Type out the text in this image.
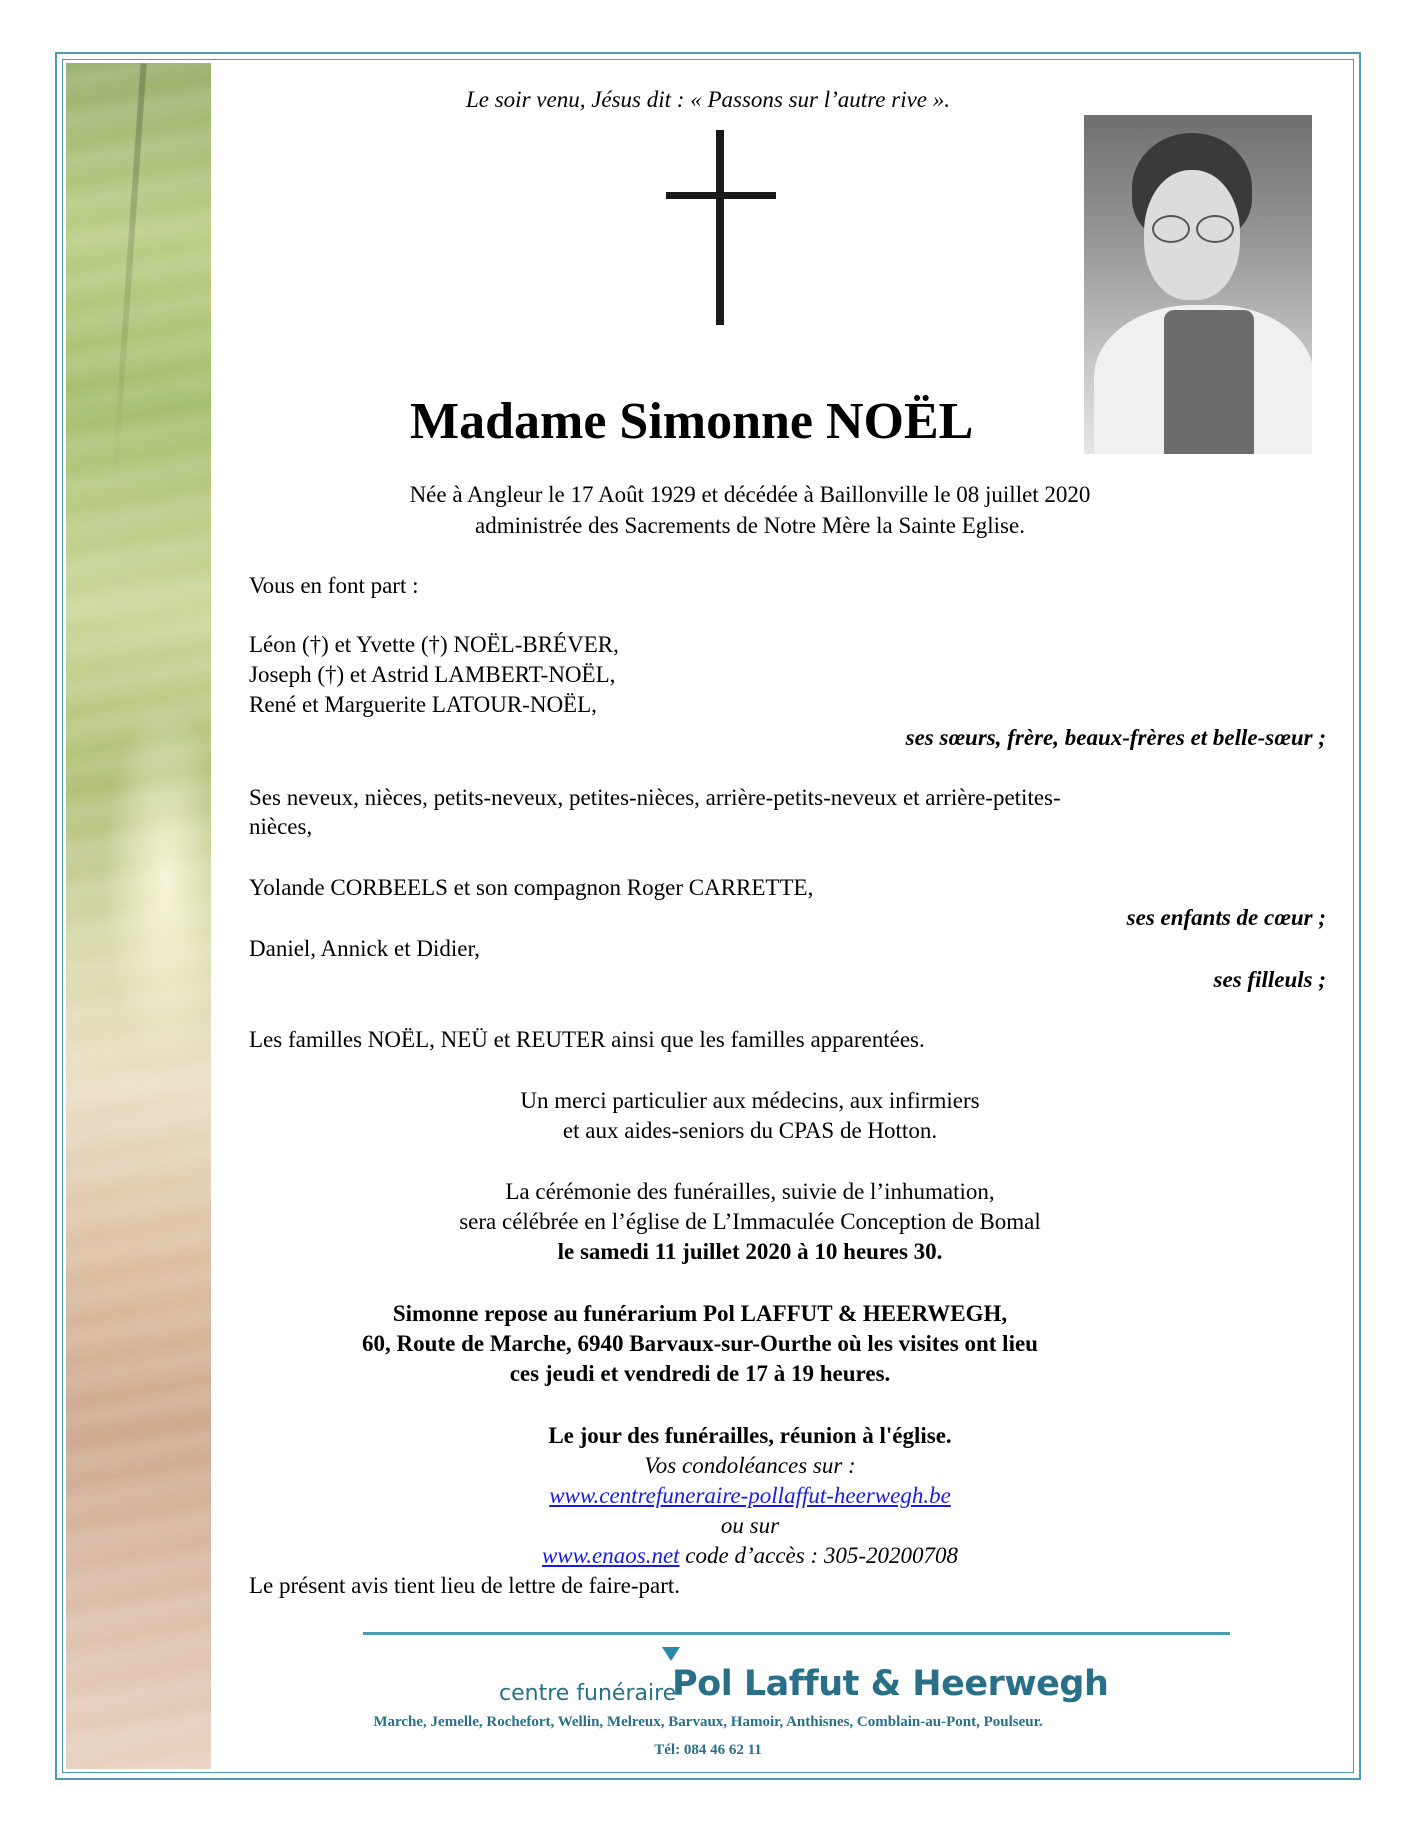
Le soir venu, Jésus dit : « Passons sur l’autre rive ».
Madame Simonne NOËL
Née à Angleur le 17 Août 1929 et décédée à Baillonville le 08 juillet 2020
administrée des Sacrements de Notre Mère la Sainte Eglise.
Vous en font part :
Léon (†) et Yvette (†) NOËL-BRÉVER,
Joseph (†) et Astrid LAMBERT-NOËL,
René et Marguerite LATOUR-NOËL,
ses sœurs, frère, beaux-frères et belle-sœur ;
Ses neveux, nièces, petits-neveux, petites-nièces, arrière-petits-neveux et arrière-petites-
nièces,
Yolande CORBEELS et son compagnon Roger CARRETTE,
ses enfants de cœur ;
Daniel, Annick et Didier,
ses filleuls ;
Les familles NOËL, NEÜ et REUTER ainsi que les familles apparentées.
Un merci particulier aux médecins, aux infirmiers
et aux aides-seniors du CPAS de Hotton.
La cérémonie des funérailles, suivie de l’inhumation,
sera célébrée en l’église de L’Immaculée Conception de Bomal
le samedi 11 juillet 2020 à 10 heures 30.
Simonne repose au funérarium Pol LAFFUT & HEERWEGH,
60, Route de Marche, 6940 Barvaux-sur-Ourthe où les visites ont lieu
ces jeudi et vendredi de 17 à 19 heures.
Le jour des funérailles, réunion à l'église.
Vos condoléances sur :
www.centrefuneraire-pollaffut-heerwegh.be
ou sur
www.enaos.net code d’accès : 305-20200708
Le présent avis tient lieu de lettre de faire-part.
centre funéraire
Pol Laffut & Heerwegh
Marche, Jemelle, Rochefort, Wellin, Melreux, Barvaux, Hamoir, Anthisnes, Comblain-au-Pont, Poulseur.
Tél: 084 46 62 11
